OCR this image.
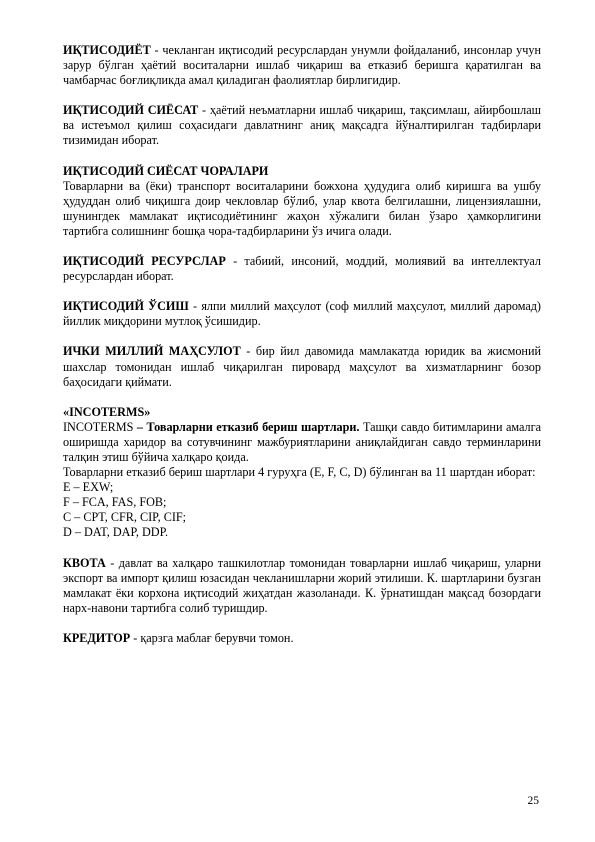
ИҚТИСОДИЁТ - чекланган иқтисодий ресурслардан унумли фойдаланиб, инсонлар учун зарур бўлган ҳаётий воситаларни ишлаб чиқариш ва етказиб беришга қаратилган ва чамбарчас боғлиқликда амал қиладиган фаолиятлар бирлигидир.

ИҚТИСОДИЙ СИЁСАТ - ҳаётий неъматларни ишлаб чиқариш, тақсимлаш, айирбошлаш ва истеъмол қилиш соҳасидаги давлатнинг аниқ мақсадга йўналтирилган тадбирлари тизимидан иборат.

ИҚТИСОДИЙ СИЁСАТ ЧОРАЛАРИ

Товарларни ва (ёки) транспорт воситаларини божхона ҳудудига олиб киришга ва ушбу ҳудуддан олиб чиқишга доир чекловлар бўлиб, улар квота белгилашни, лицензиялашни, шунингдек мамлакат иқтисодиётининг жаҳон хўжалиги билан ўзаро ҳамкорлигини тартибга солишнинг бошқа чора-тадбирларини ўз ичига олади.

ИҚТИСОДИЙ РЕСУРСЛАР - табиий, инсоний, моддий, молиявий ва интеллектуал ресурслардан иборат.

ИҚТИСОДИЙ ЎСИШ - ялпи миллий маҳсулот (соф миллий маҳсулот, миллий даромад) йиллик миқдорини мутлоқ ўсишидир.

ИЧКИ МИЛЛИЙ МАҲСУЛОТ - бир йил давомида мамлакатда юридик ва жисмоний шахслар томонидан ишлаб чиқарилган пировард маҳсулот ва хизматларнинг бозор баҳосидаги қиймати.

«INCOTERMS»

INCOTERMS – Товарларни етказиб бериш шартлари. Ташқи савдо битимларини амалга оширишда харидор ва сотувчининг мажбуриятларини аниқлайдиган савдо терминларини талқин этиш бўйича халқаро қоида.

Товарларни етказиб бериш шартлари 4 гуруҳга (E, F, C, D) бўлинган ва 11 шартдан иборат:

E – EXW;

F – FCA, FAS, FOB;

C – CPT, CFR, CIP, CIF;

D – DAT, DAP, DDP.

КВОТА - давлат ва халқаро ташкилотлар томонидан товарларни ишлаб чиқариш, уларни экспорт ва импорт қилиш юзасидан чекланишларни жорий этилиши. К. шартларини бузган мамлакат ёки корхона иқтисодий жиҳатдан жазоланади. К. ўрнатишдан мақсад бозордаги нарх-навони тартибга солиб туришдир.

КРЕДИТОР - қарзга маблағ берувчи томон.

25
